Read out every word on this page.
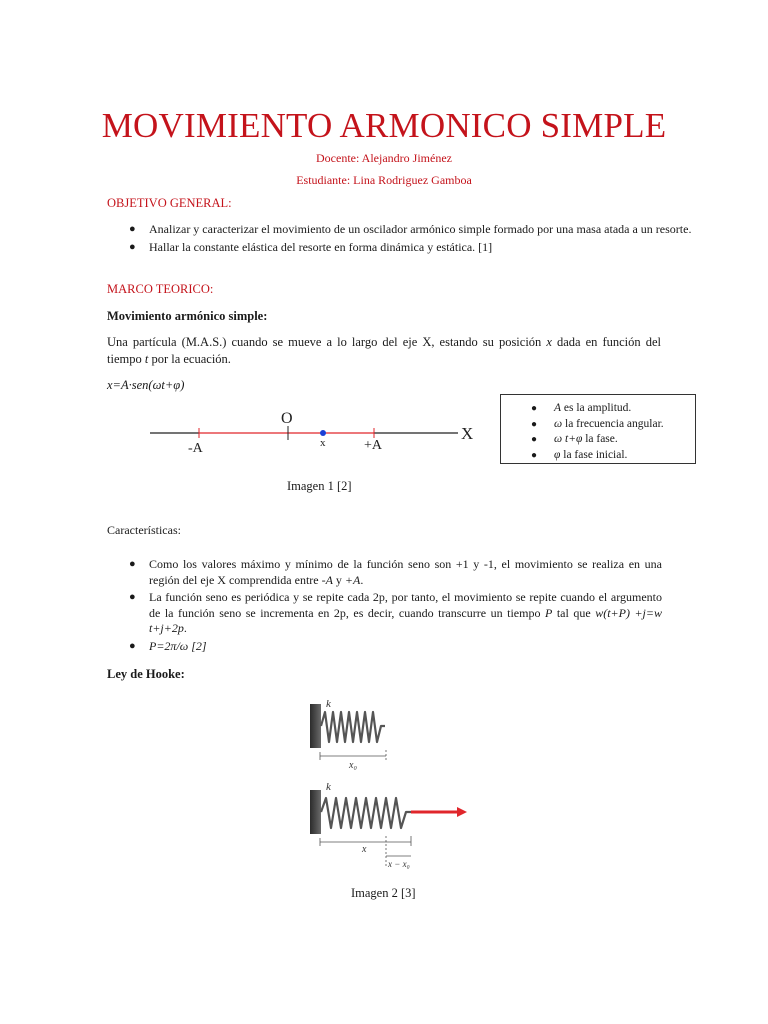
MOVIMIENTO ARMONICO SIMPLE
Docente: Alejandro Jiménez
Estudiante: Lina Rodriguez Gamboa
OBJETIVO GENERAL:
● Analizar y caracterizar el movimiento de un oscilador armónico simple formado por una masa atada a un resorte.
● Hallar la constante elástica del resorte en forma dinámica y estática. [1]
MARCO TEORICO:
Movimiento armónico simple:
Una partícula (M.A.S.) cuando se mueve a lo largo del eje X, estando su posición x dada en función del tiempo t por la ecuación.
x=A·sen(ωt+φ)
O
-A	+A
x	X
Imagen 1 [2]
● A es la amplitud.
● ω la frecuencia angular.
● ω t+φ la fase.
● φ la fase inicial.
Características:
● Como los valores máximo y mínimo de la función seno son +1 y -1, el movimiento se realiza en una región del eje X comprendida entre -A y +A.
● La función seno es periódica y se repite cada 2p, por tanto, el movimiento se repite cuando el argumento de la función seno se incrementa en 2p, es decir, cuando transcurre un tiempo P tal que w(t+P) +j=w t+j+2p.
● P=2π/ω [2]
Ley de Hooke:
k
x₀
k
x
x − x₀
Imagen 2 [3]
